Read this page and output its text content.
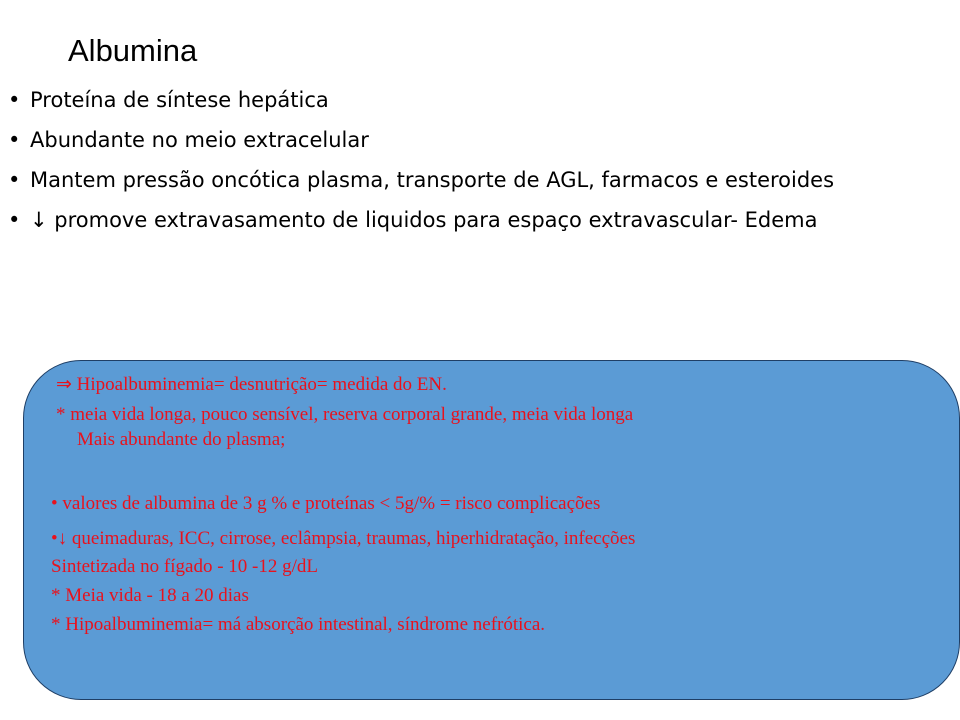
Albumina
• Proteína de síntese hepática
• Abundante no meio extracelular
• Mantem pressão oncótica plasma, transporte de AGL, farmacos e esteroides
• ↓ promove extravasamento de liquidos para espaço extravascular- Edema
⇒ Hipoalbuminemia= desnutrição= medida do EN.
* meia vida longa, pouco sensível, reserva corporal grande, meia vida longa
Mais abundante do plasma;
• valores de albumina de 3 g % e proteínas < 5g/% = risco complicações
•↓ queimaduras, ICC, cirrose, eclâmpsia, traumas, hiperhidratação, infecções
Sintetizada no fígado - 10 -12 g/dL
* Meia vida - 18 a 20 dias
* Hipoalbuminemia= má absorção intestinal, síndrome nefrótica.
